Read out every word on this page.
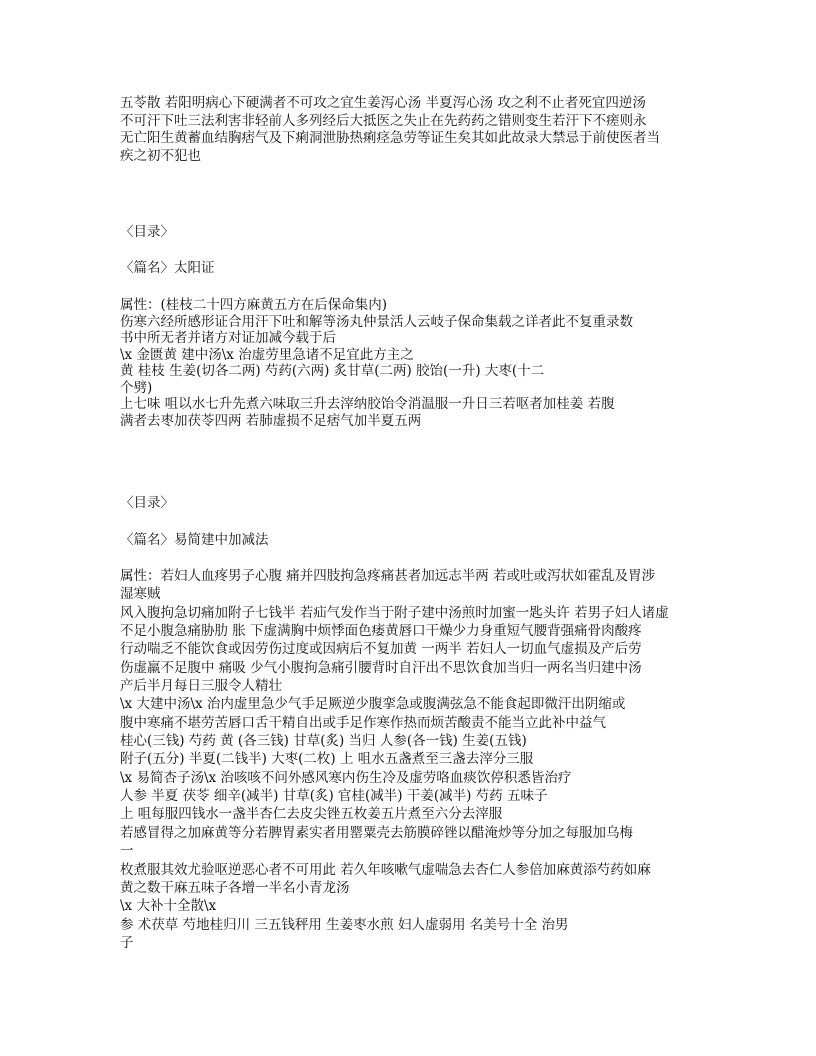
五苓散 若阳明病心下硬满者不可攻之宜生姜泻心汤 半夏泻心汤 攻之利不止者死宜四逆汤
不可汗下吐三法利害非轻前人多列经后大抵医之失止在先药药之错则变生若汗下不瘥则永
无亡阳生黄蓄血结胸痞气及下痢洞泄胁热痢痉急劳等证生矣其如此故录大禁忌于前使医者当
疾之初不犯也
〈目录〉
〈篇名〉太阳证
属性：(桂枝二十四方麻黄五方在后保命集内)
伤寒六经所感形证合用汗下吐和解等汤丸仲景活人云岐子保命集载之详者此不复重录数
书中所无者并诸方对证加减今载于后
\x 金匮黄 建中汤\x 治虚劳里急诸不足宜此方主之
黄 桂枝 生姜(切各二两) 芍药(六两) 炙甘草(二两) 胶饴(一升) 大枣(十二
个劈)
上七味 咀以水七升先煮六味取三升去滓纳胶饴令消温服一升日三若呕者加桂姜 若腹
满者去枣加茯苓四两 若肺虚损不足痞气加半夏五两
〈目录〉
〈篇名〉易简建中加减法
属性：若妇人血疼男子心腹 痛并四肢拘急疼痛甚者加远志半两 若或吐或泻状如霍乱及胃涉
湿寒贼
风入腹拘急切痛加附子七钱半 若疝气发作当于附子建中汤煎时加蜜一匙头许 若男子妇人诸虚
不足小腹急痛胁肋 胀 下虚满胸中烦悸面色痿黄唇口干燥少力身重短气腰背强痛骨肉酸疼
行动喘乏不能饮食或因劳伤过度或因病后不复加黄 一两半 若妇人一切血气虚损及产后劳
伤虚羸不足腹中 痛吸 少气小腹拘急痛引腰背时自汗出不思饮食加当归一两名当归建中汤
产后半月每日三服令人精壮
\x 大建中汤\x 治内虚里急少气手足厥逆少腹挛急或腹满弦急不能食起即微汗出阴缩或
腹中寒痛不堪劳苦唇口舌干精自出或手足作寒作热而烦苦酸责不能当立此补中益气
桂心(三钱) 芍药 黄 (各三钱) 甘草(炙) 当归 人参(各一钱) 生姜(五钱)
附子(五分) 半夏(二钱半) 大枣(二枚) 上 咀水五盏煮至三盏去滓分三服
\x 易简杏子汤\x 治咳咳不问外感风寒内伤生冷及虚劳咯血痰饮停积悉皆治疗
人参 半夏 茯苓 细辛(减半) 甘草(炙) 官桂(减半) 干姜(减半) 芍药 五味子
上 咀每服四钱水一盏半杏仁去皮尖锉五枚姜五片煮至六分去滓服
若感冒得之加麻黄等分若脾胃素实者用罂粟壳去筋膜碎锉以醋淹炒等分加之每服加乌梅
一
枚煮服其效尤验呕逆恶心者不可用此 若久年咳嗽气虚喘急去杏仁人参倍加麻黄添芍药如麻
黄之数干麻五味子各增一半名小青龙汤
\x 大补十全散\x
参 术茯草 芍地桂归川 三五钱秤用 生姜枣水煎 妇人虚弱用 名美号十全 治男
子
